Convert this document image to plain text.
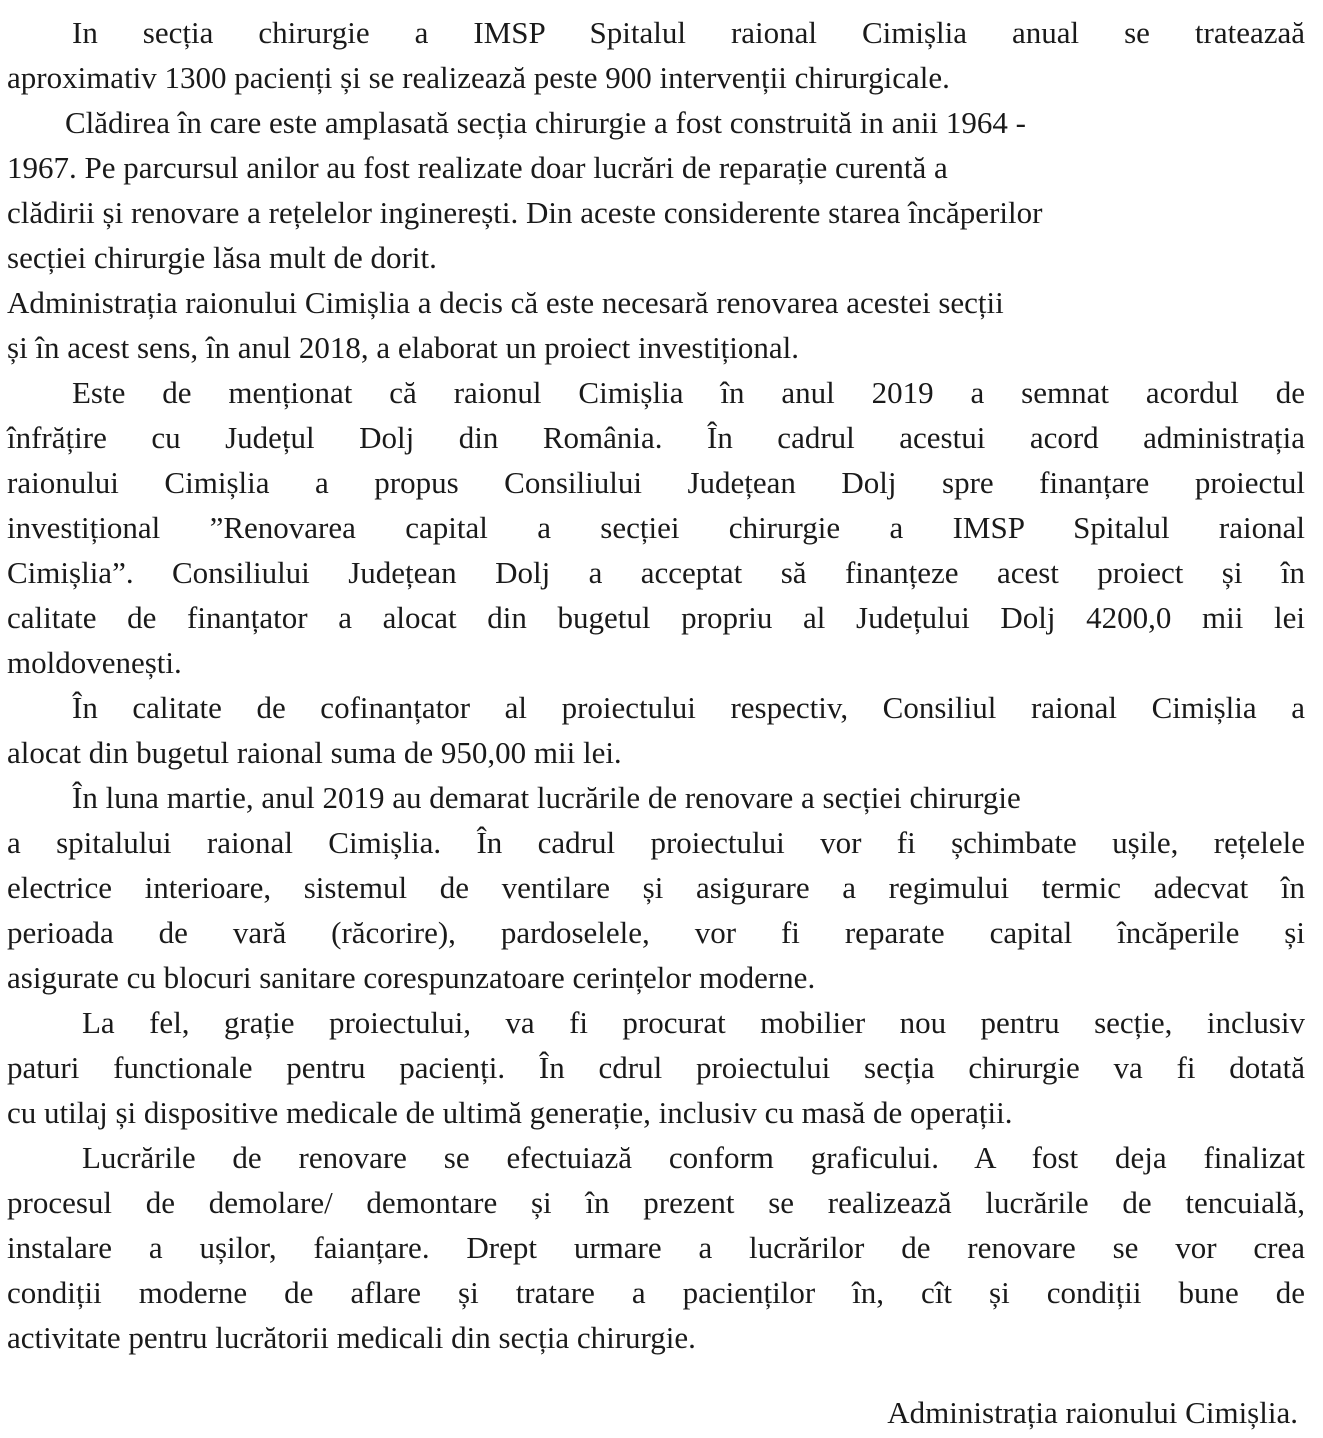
In secția chirurgie a IMSP Spitalul raional Cimișlia anual se trateazaă
aproximativ 1300 pacienți și se realizează peste 900 intervenții chirurgicale.
Clădirea în care este amplasată secția chirurgie a fost construită in anii 1964 -
1967. Pe parcursul anilor au fost realizate doar lucrări de reparație curentă a
clădirii și renovare a rețelelor inginerești. Din aceste considerente starea încăperilor
secției chirurgie lăsa mult de dorit.
Administrația raionului Cimișlia a decis că este necesară renovarea acestei secții
și în acest sens, în anul 2018, a elaborat un proiect investițional.
Este de menționat că raionul Cimișlia în anul 2019 a semnat acordul de
înfrățire cu Județul Dolj din România. În cadrul acestui acord administrația
raionului Cimișlia a propus Consiliului Județean Dolj spre finanțare proiectul
investițional ”Renovarea capital a secției chirurgie a IMSP Spitalul raional
Cimișlia”. Consiliului Județean Dolj a acceptat să finanțeze acest proiect și în
calitate de finanțator a alocat din bugetul propriu al Județului Dolj 4200,0 mii lei
moldovenești.
În calitate de cofinanțator al proiectului respectiv, Consiliul raional Cimișlia a
alocat din bugetul raional suma de 950,00 mii lei.
În luna martie, anul 2019 au demarat lucrările de renovare a secției chirurgie
a spitalului raional Cimișlia. În cadrul proiectului vor fi șchimbate ușile, rețelele
electrice interioare, sistemul de ventilare și asigurare a regimului termic adecvat în
perioada de vară (răcorire), pardoselele, vor fi reparate capital încăperile și
asigurate cu blocuri sanitare corespunzatoare cerințelor moderne.
La fel, grație proiectului, va fi procurat mobilier nou pentru secție, inclusiv
paturi functionale pentru pacienți. În cdrul proiectului secția chirurgie va fi dotată
cu utilaj și dispositive medicale de ultimă generație, inclusiv cu masă de operații.
Lucrările de renovare se efectuiază conform graficului. A fost deja finalizat
procesul de demolare/ demontare și în prezent se realizează lucrările de tencuială,
instalare a ușilor, faianțare. Drept urmare a lucrărilor de renovare se vor crea
condiții moderne de aflare și tratare a pacienților în, cît și condiții bune de
activitate pentru lucrătorii medicali din secția chirurgie.
Administrația raionului Cimișlia.
